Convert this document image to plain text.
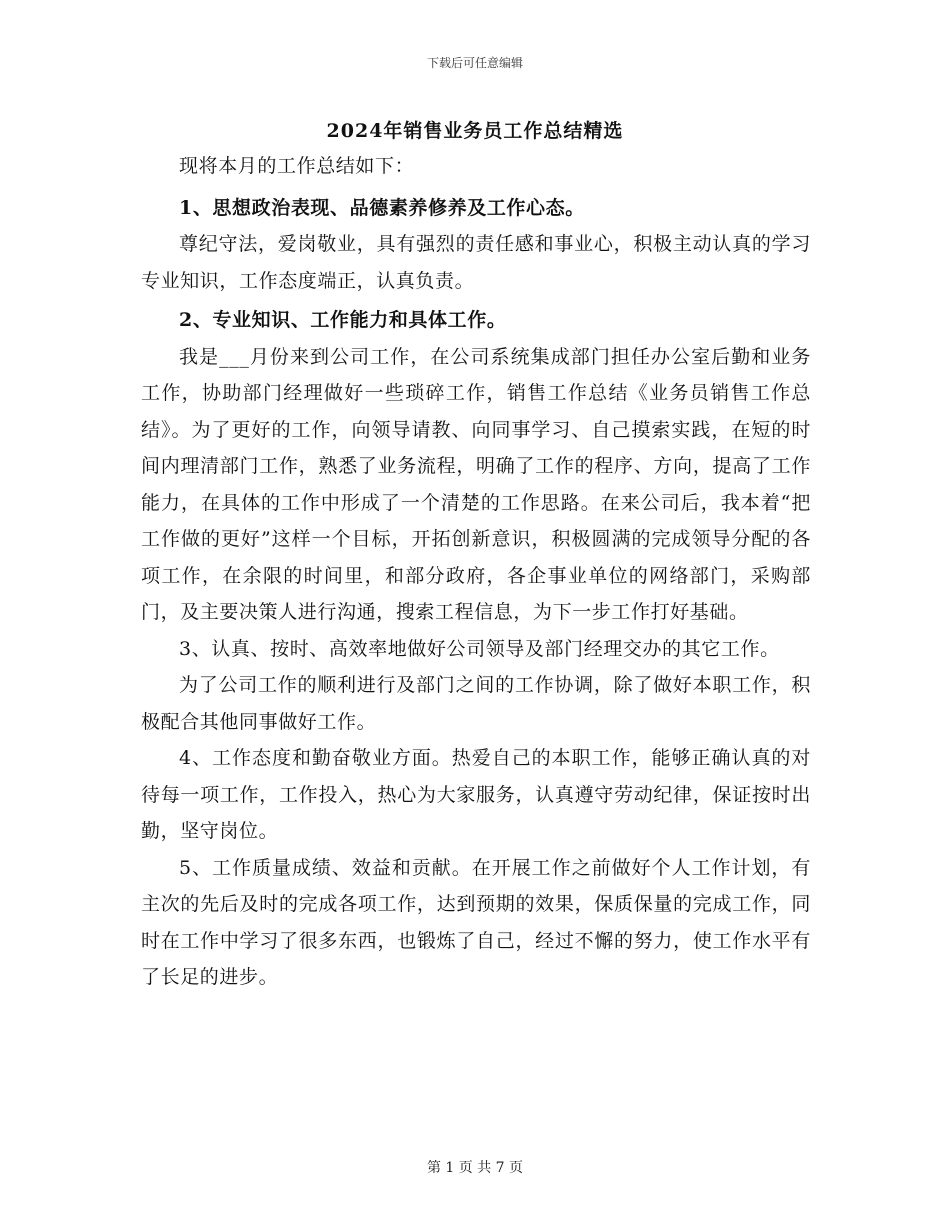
下载后可任意编辑
2024年销售业务员工作总结精选

现将本月的工作总结如下：

1、思想政治表现、品德素养修养及工作心态。

尊纪守法，爱岗敬业，具有强烈的责任感和事业心，积极主动认真的学习专业知识，工作态度端正，认真负责。

2、专业知识、工作能力和具体工作。

我是___月份来到公司工作，在公司系统集成部门担任办公室后勤和业务工作，协助部门经理做好一些琐碎工作，销售工作总结《业务员销售工作总结》。为了更好的工作，向领导请教、向同事学习、自己摸索实践，在短的时间内理清部门工作，熟悉了业务流程，明确了工作的程序、方向，提高了工作能力，在具体的工作中形成了一个清楚的工作思路。在来公司后，我本着“把工作做的更好”这样一个目标，开拓创新意识，积极圆满的完成领导分配的各项工作，在余限的时间里，和部分政府，各企事业单位的网络部门，采购部门，及主要决策人进行沟通，搜索工程信息，为下一步工作打好基础。

3、认真、按时、高效率地做好公司领导及部门经理交办的其它工作。

为了公司工作的顺利进行及部门之间的工作协调，除了做好本职工作，积极配合其他同事做好工作。

4、工作态度和勤奋敬业方面。热爱自己的本职工作，能够正确认真的对待每一项工作，工作投入，热心为大家服务，认真遵守劳动纪律，保证按时出勤，坚守岗位。

5、工作质量成绩、效益和贡献。在开展工作之前做好个人工作计划，有主次的先后及时的完成各项工作，达到预期的效果，保质保量的完成工作，同时在工作中学习了很多东西，也锻炼了自己，经过不懈的努力，使工作水平有了长足的进步。

第 1 页 共 7 页
